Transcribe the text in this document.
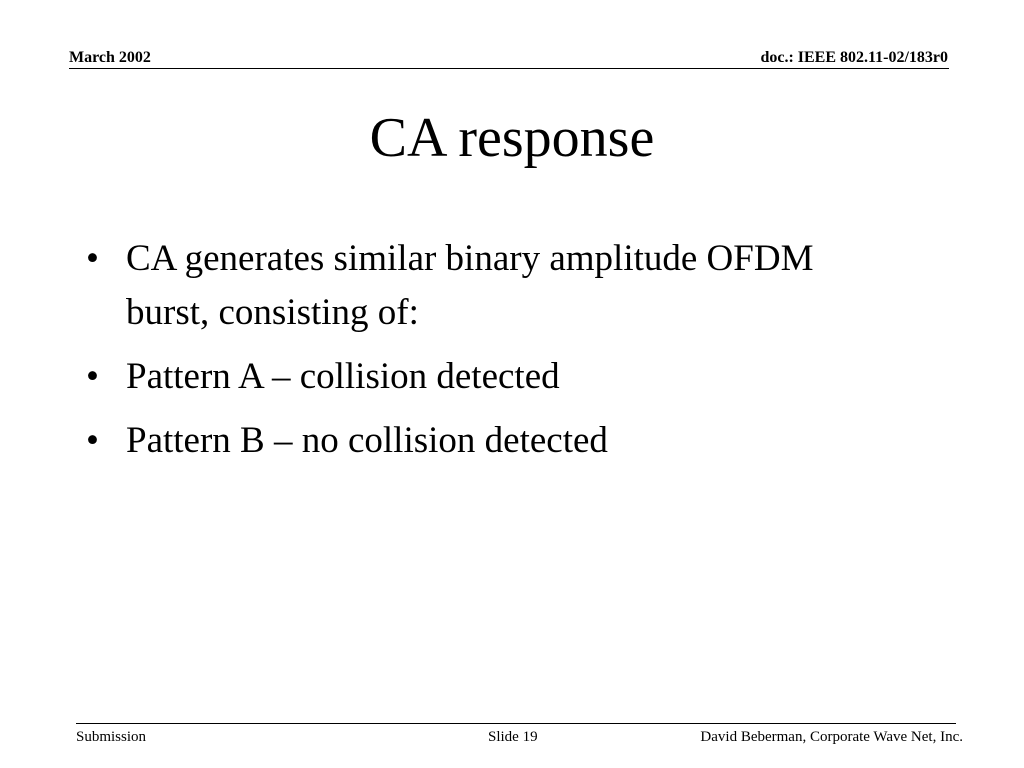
March 2002	doc.: IEEE 802.11-02/183r0
CA response
• CA generates similar binary amplitude OFDM burst, consisting of:
• Pattern A – collision detected
• Pattern B – no collision detected
Submission	Slide 19	David Beberman, Corporate Wave Net, Inc.
